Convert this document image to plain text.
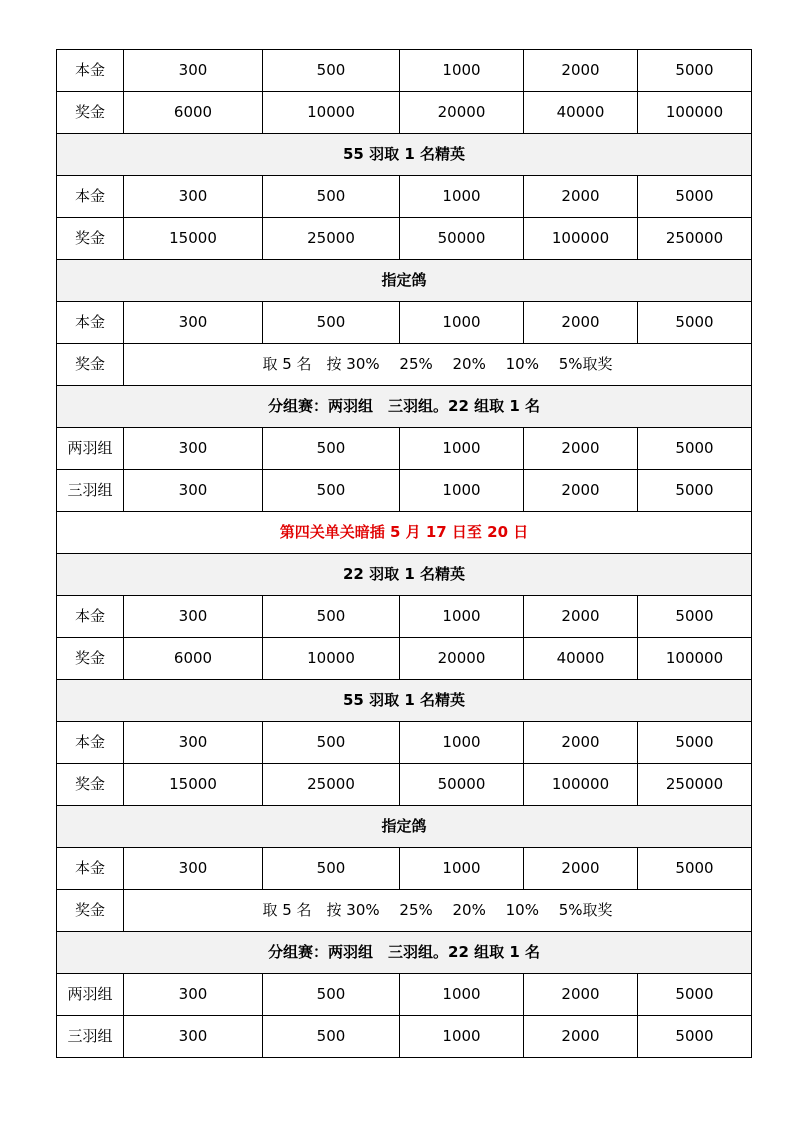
本金	300	500	1000	2000	5000
奖金	6000	10000	20000	40000	100000
55 羽取 1 名精英					
本金	300	500	1000	2000	5000
奖金	15000	25000	50000	100000	250000
指定鸽					
本金	300	500	1000	2000	5000
奖金	取 5 名　按 30%　 25%　 20%　 10%　 5%取奖				
分组赛：两羽组　三羽组。22 组取 1 名					
两羽组	300	500	1000	2000	5000
三羽组	300	500	1000	2000	5000
第四关单关暗插 5 月 17 日至 20 日					
22 羽取 1 名精英					
本金	300	500	1000	2000	5000
奖金	6000	10000	20000	40000	100000
55 羽取 1 名精英					
本金	300	500	1000	2000	5000
奖金	15000	25000	50000	100000	250000
指定鸽					
本金	300	500	1000	2000	5000
奖金	取 5 名　按 30%　 25%　 20%　 10%　 5%取奖				
分组赛：两羽组　三羽组。22 组取 1 名					
两羽组	300	500	1000	2000	5000
三羽组	300	500	1000	2000	5000
